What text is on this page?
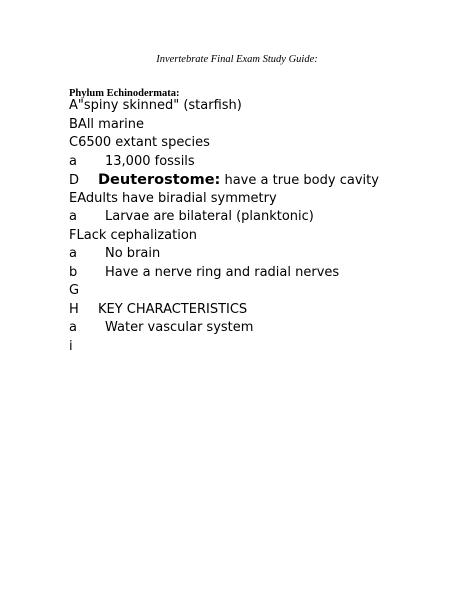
Invertebrate Final Exam Study Guide:
Phylum Echinodermata:
A"spiny skinned" (starfish)
BAll marine
C6500 extant species
a 13,000 fossils
D Deuterostome: have a true body cavity
EAdults have biradial symmetry
a Larvae are bilateral (planktonic)
FLack cephalization
a No brain
b Have a nerve ring and radial nerves
G
H KEY CHARACTERISTICS
a Water vascular system
i
